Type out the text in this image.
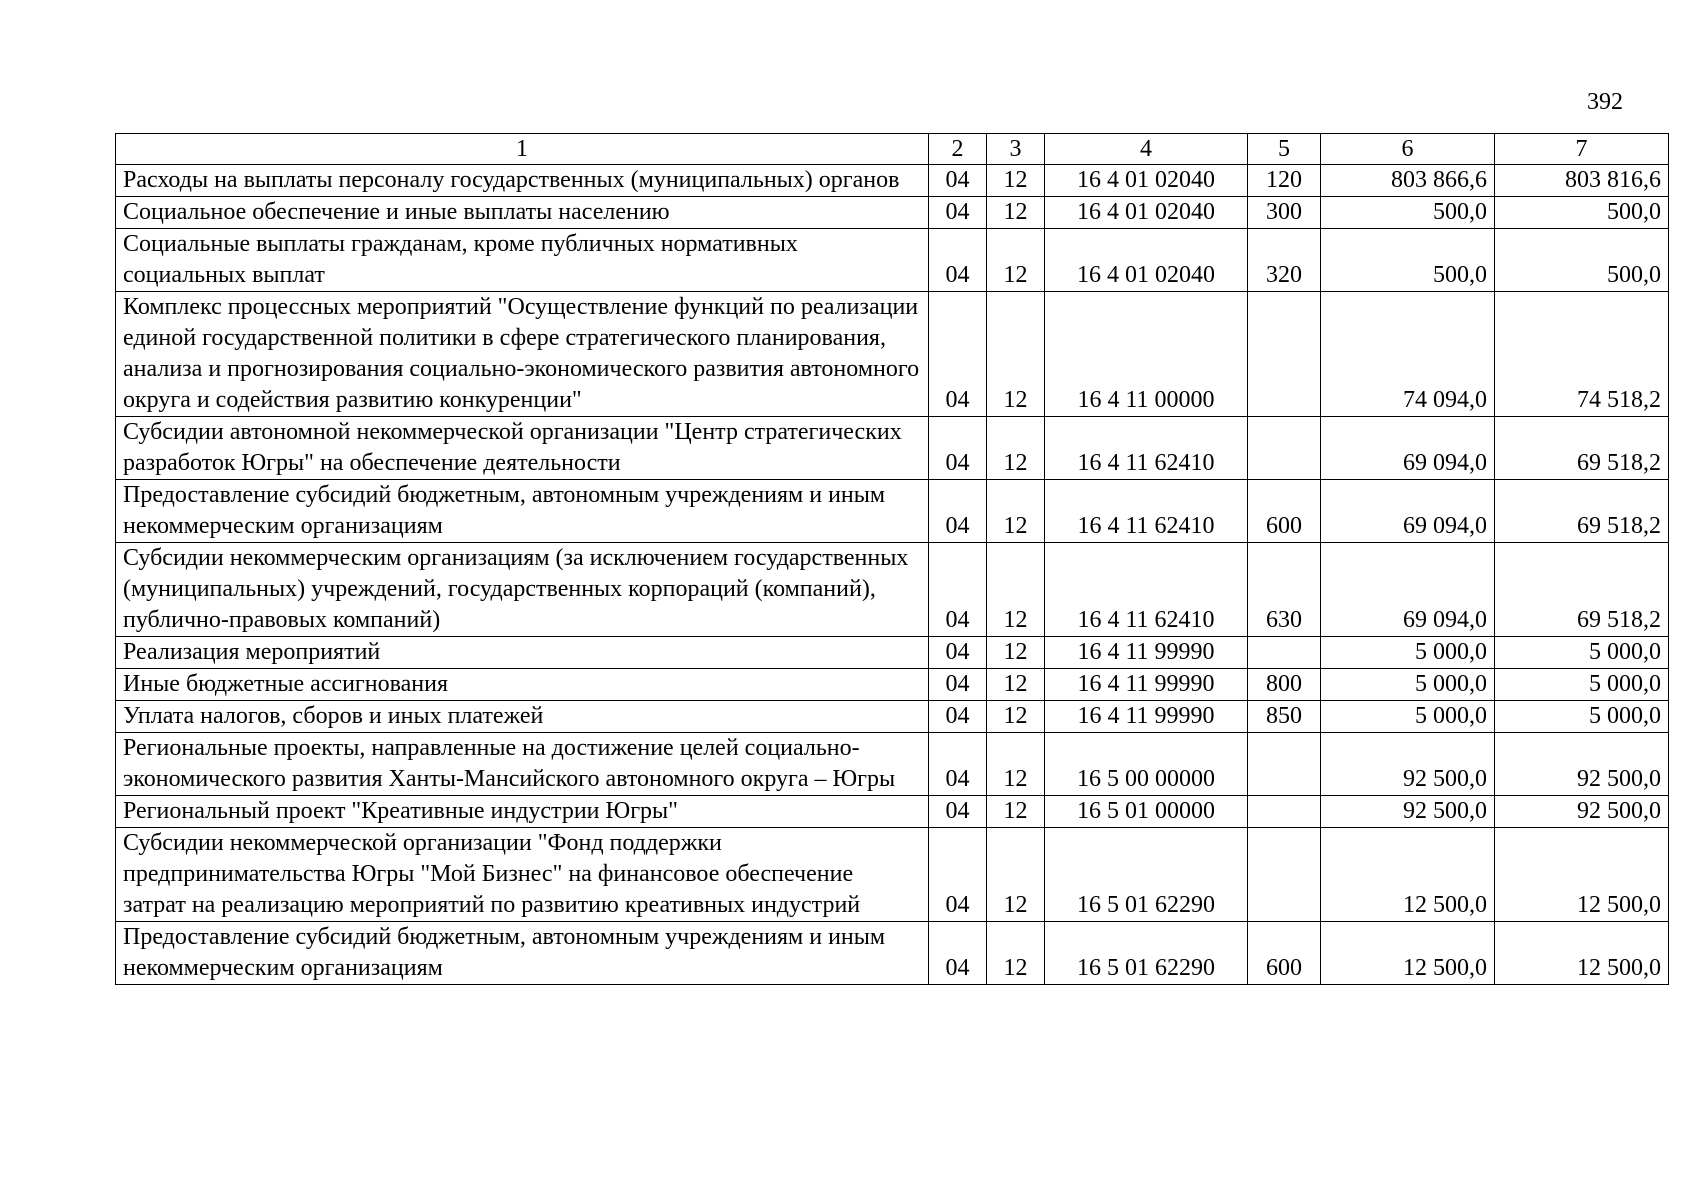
392
1	2	3	4	5	6	7
Расходы на выплаты персоналу государственных (муниципальных) органов	04	12	16 4 01 02040	120	803 866,6	803 816,6
Социальное обеспечение и иные выплаты населению	04	12	16 4 01 02040	300	500,0	500,0
Социальные выплаты гражданам, кроме публичных нормативных социальных выплат	04	12	16 4 01 02040	320	500,0	500,0
Комплекс процессных мероприятий "Осуществление функций по реализации единой государственной политики в сфере стратегического планирования, анализа и прогнозирования социально-экономического развития автономного округа и содействия развитию конкуренции"	04	12	16 4 11 00000		74 094,0	74 518,2
Субсидии автономной некоммерческой организации "Центр стратегических разработок Югры" на обеспечение деятельности	04	12	16 4 11 62410		69 094,0	69 518,2
Предоставление субсидий бюджетным, автономным учреждениям и иным некоммерческим организациям	04	12	16 4 11 62410	600	69 094,0	69 518,2
Субсидии некоммерческим организациям (за исключением государственных (муниципальных) учреждений, государственных корпораций (компаний), публично-правовых компаний)	04	12	16 4 11 62410	630	69 094,0	69 518,2
Реализация мероприятий	04	12	16 4 11 99990		5 000,0	5 000,0
Иные бюджетные ассигнования	04	12	16 4 11 99990	800	5 000,0	5 000,0
Уплата налогов, сборов и иных платежей	04	12	16 4 11 99990	850	5 000,0	5 000,0
Региональные проекты, направленные на достижение целей социально-экономического развития Ханты-Мансийского автономного округа – Югры	04	12	16 5 00 00000		92 500,0	92 500,0
Региональный проект "Креативные индустрии Югры"	04	12	16 5 01 00000		92 500,0	92 500,0
Субсидии некоммерческой организации "Фонд поддержки предпринимательства Югры "Мой Бизнес" на финансовое обеспечение затрат на реализацию мероприятий по развитию креативных индустрий	04	12	16 5 01 62290		12 500,0	12 500,0
Предоставление субсидий бюджетным, автономным учреждениям и иным некоммерческим организациям	04	12	16 5 01 62290	600	12 500,0	12 500,0
